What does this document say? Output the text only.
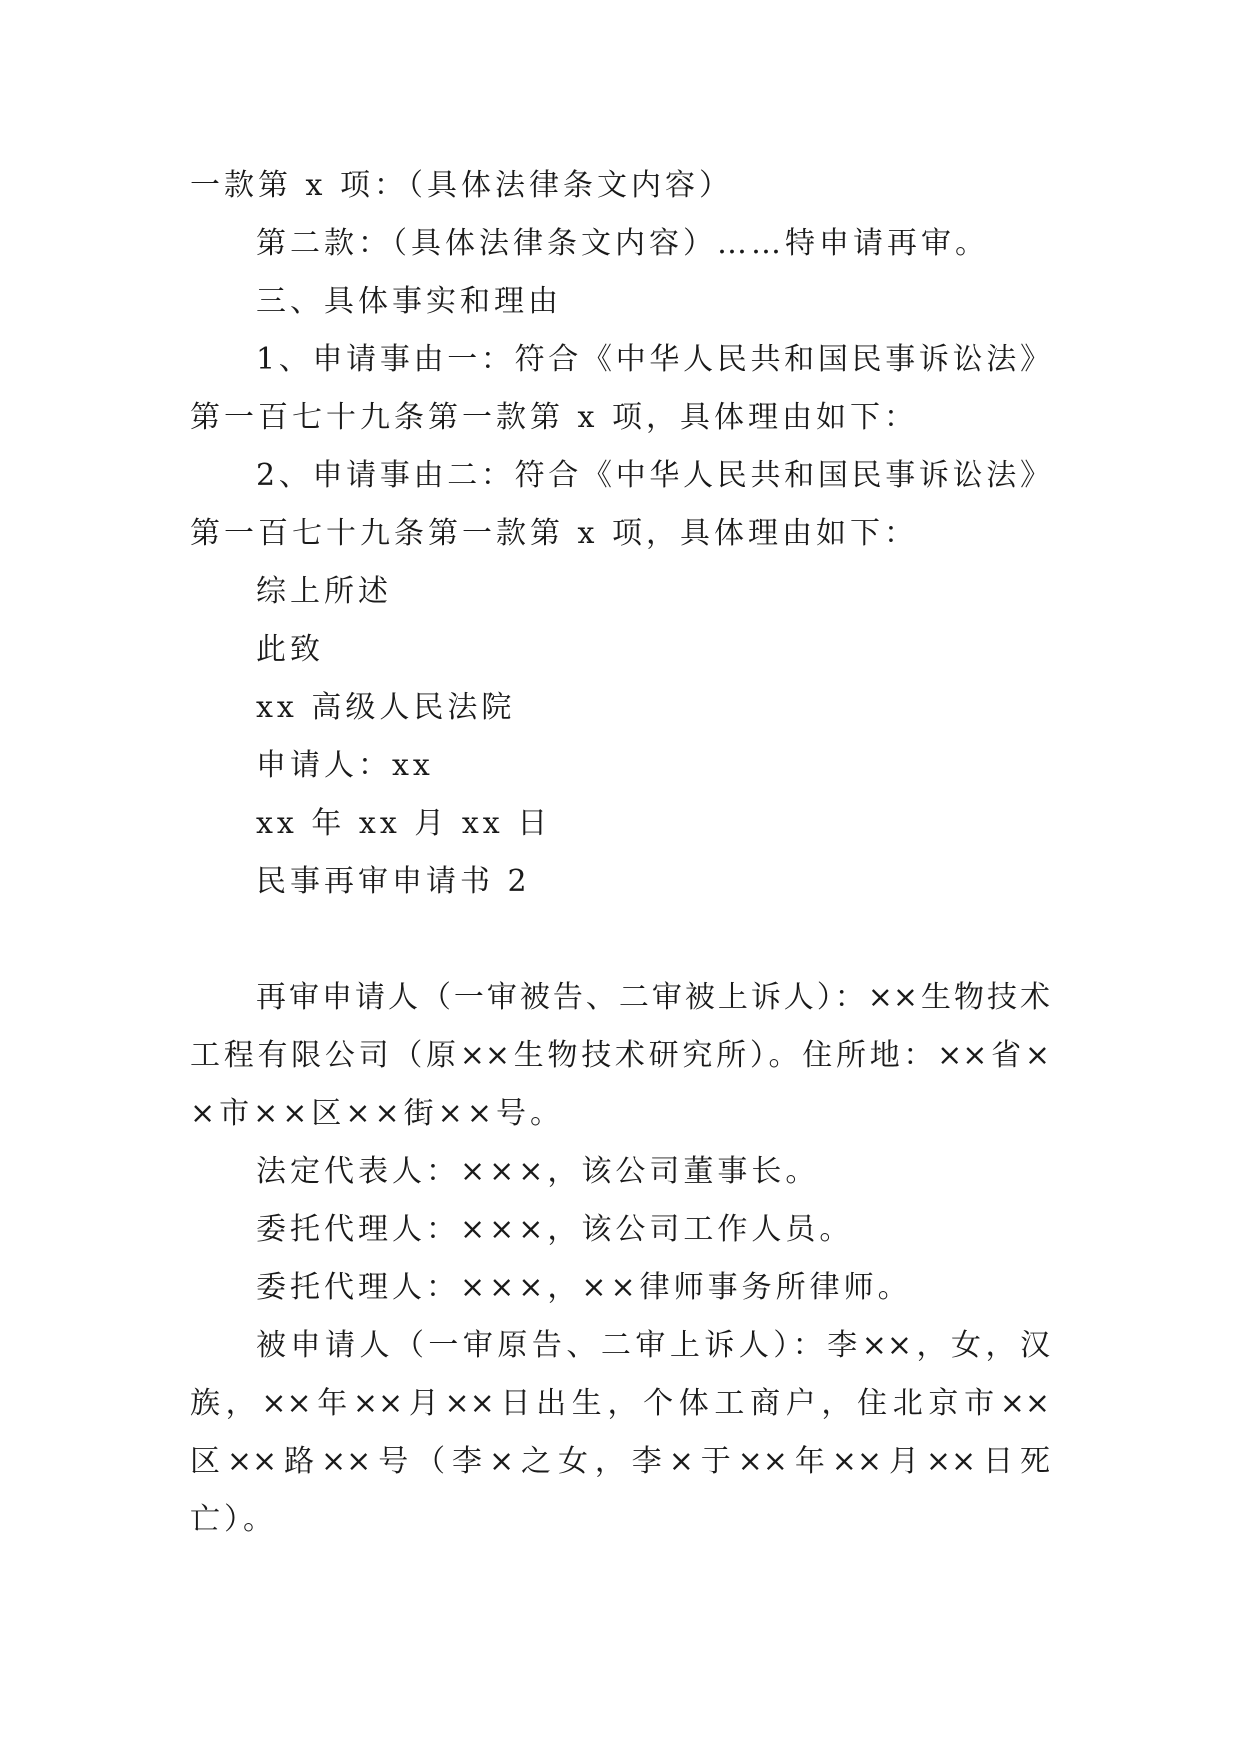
一款第 x 项：（具体法律条文内容）
第二款：（具体法律条文内容）……特申请再审。
三、具体事实和理由
1、申请事由一：符合《中华人民共和国民事诉讼法》
第一百七十九条第一款第 x 项，具体理由如下：
2、申请事由二：符合《中华人民共和国民事诉讼法》
第一百七十九条第一款第 x 项，具体理由如下：
综上所述
此致
xx 高级人民法院
申请人：xx
xx 年 xx 月 xx 日
民事再审申请书 2
再审申请人（一审被告、二审被上诉人）：××生物技术
工程有限公司（原××生物技术研究所）。住所地：××省×
×市××区××街××号。
法定代表人：×××，该公司董事长。
委托代理人：×××，该公司工作人员。
委托代理人：×××，××律师事务所律师。
被申请人（一审原告、二审上诉人）：李××，女，汉
族，××年××月××日出生，个体工商户，住北京市××
区××路××号（李×之女，李×于××年××月××日死
亡）。
